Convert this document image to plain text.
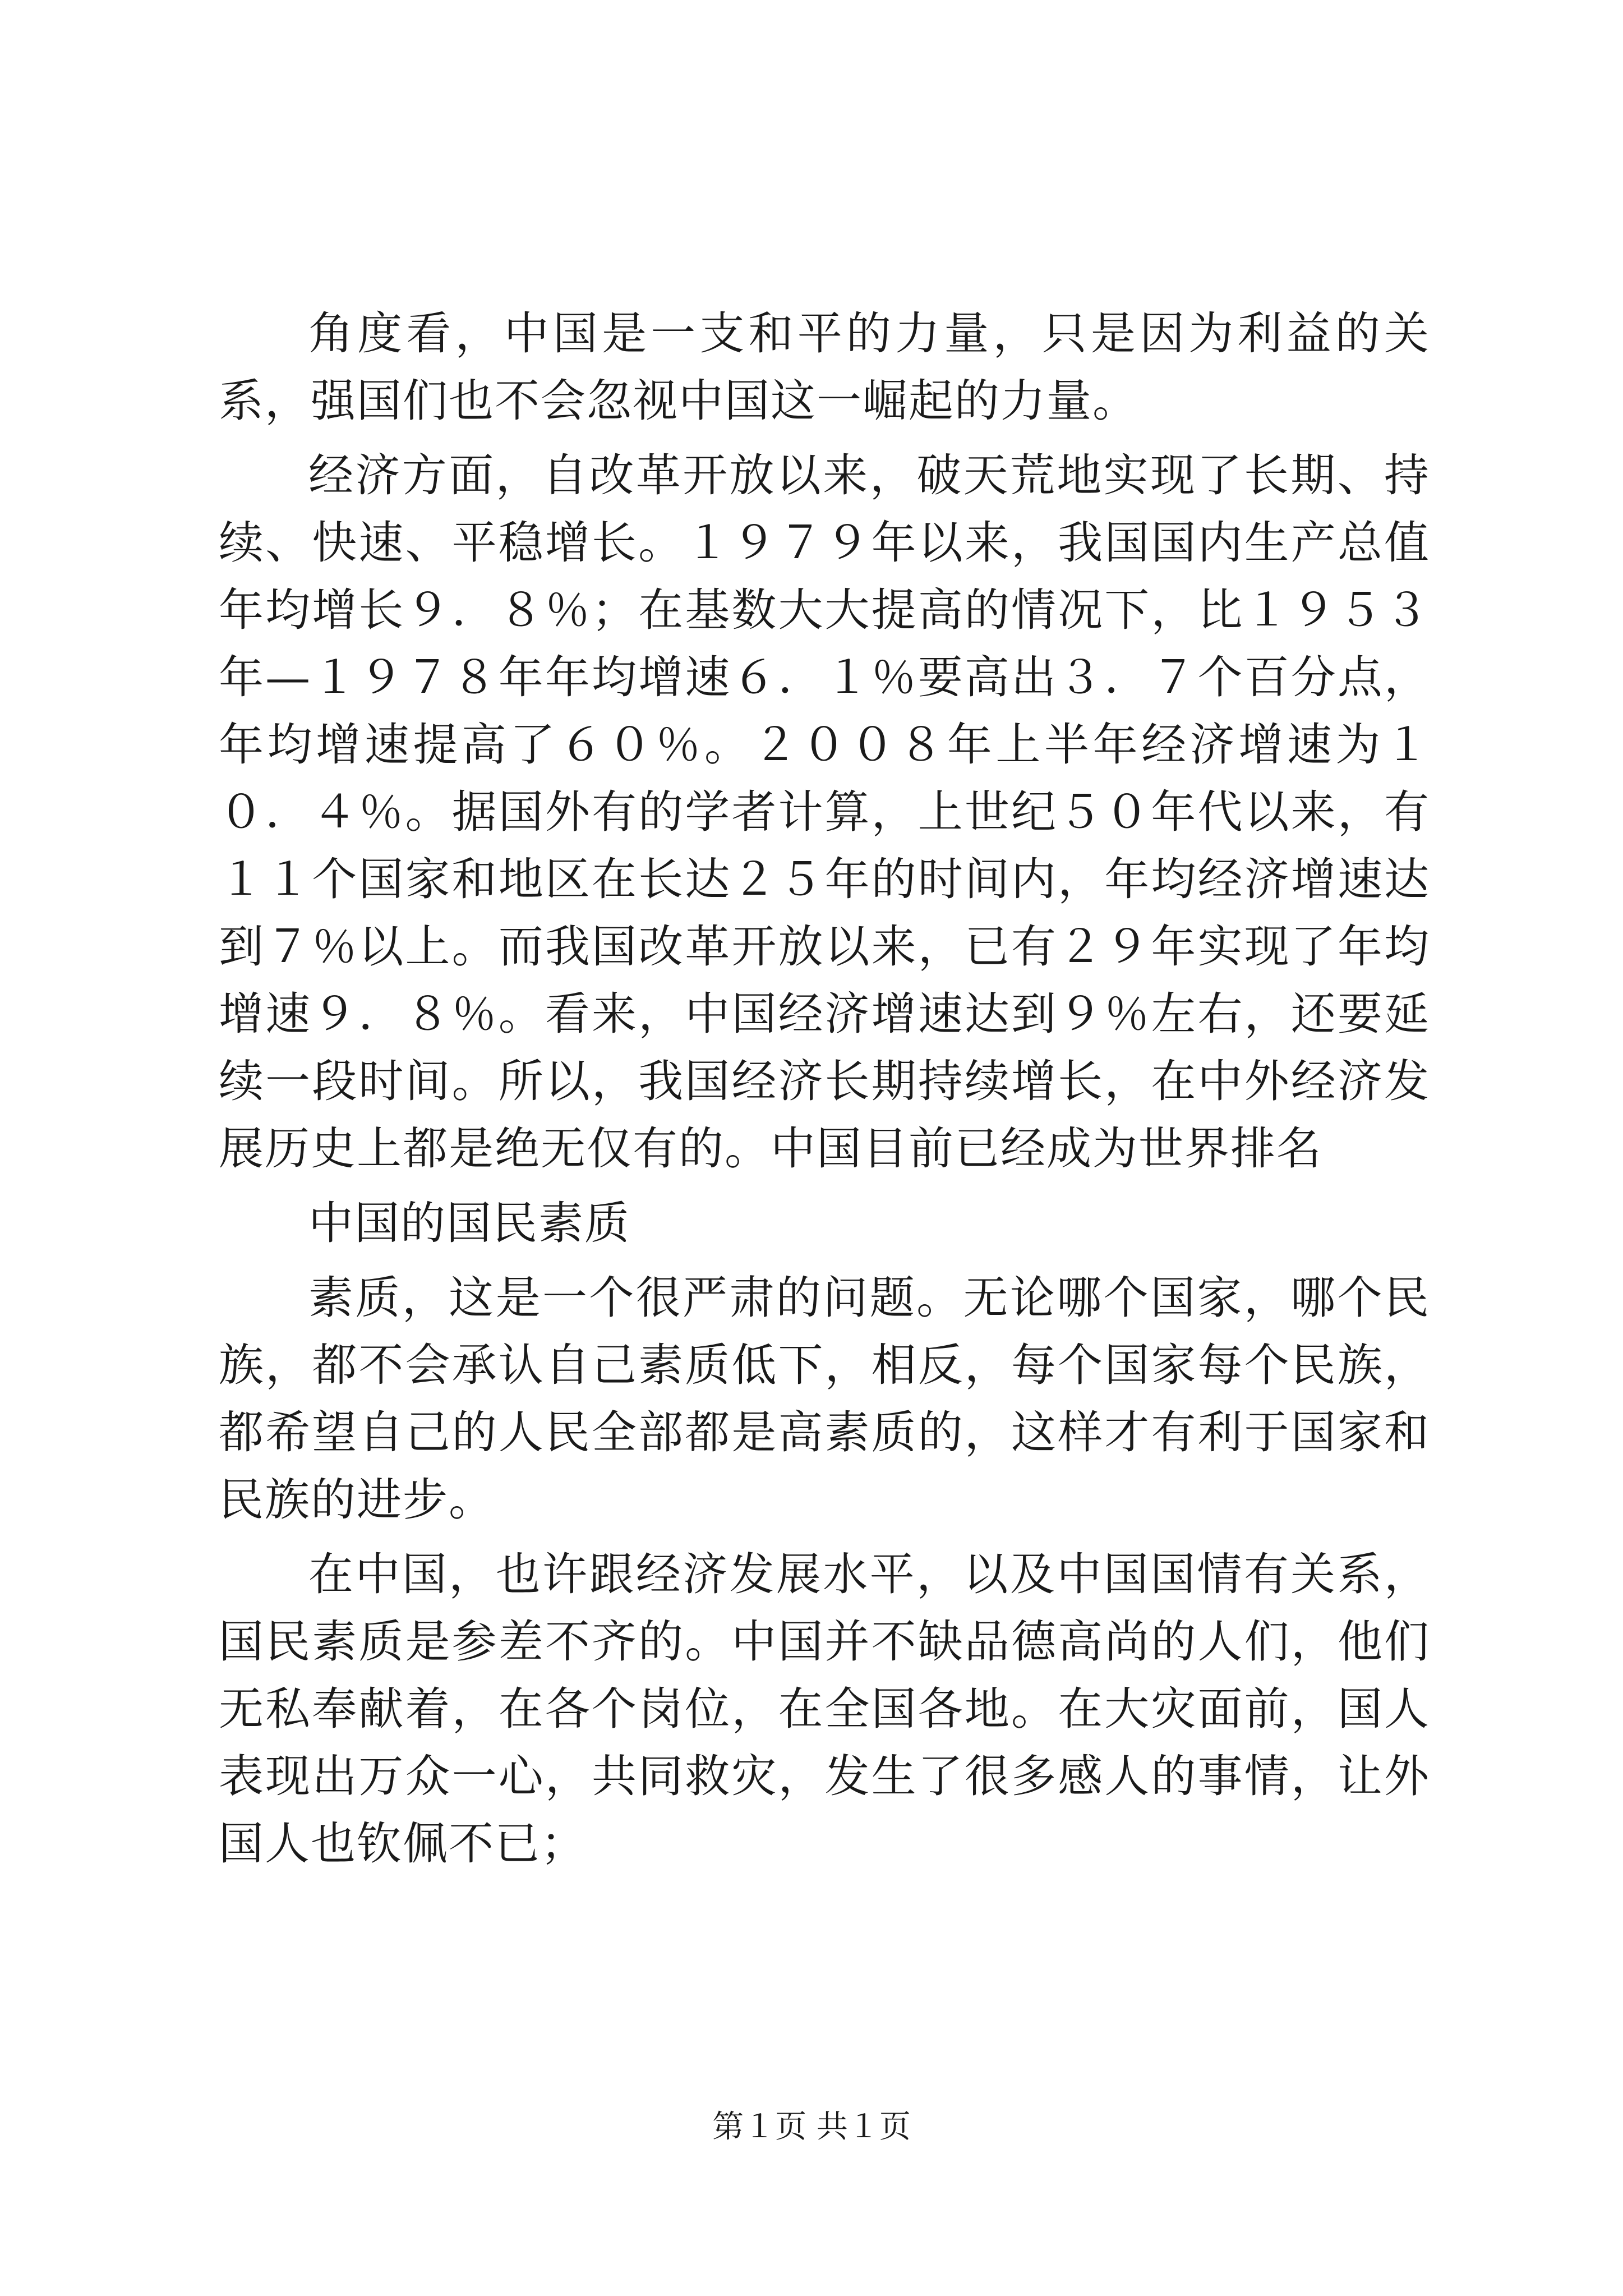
角度看，中国是一支和平的力量，只是因为利益的关系，强国们也不会忽视中国这一崛起的力量。

经济方面，自改革开放以来，破天荒地实现了长期、持续、快速、平稳增长。１９７９年以来，我国国内生产总值年均增长９．８％；在基数大大提高的情况下，比１９５３年—１９７８年年均增速６．１％要高出３．７个百分点，年均增速提高了６０％。２００８年上半年经济增速为１０．４％。据国外有的学者计算，上世纪５０年代以来，有１１个国家和地区在长达２５年的时间内，年均经济增速达到７％以上。而我国改革开放以来，已有２９年实现了年均增速９．８％。看来，中国经济增速达到９％左右，还要延续一段时间。所以，我国经济长期持续增长，在中外经济发展历史上都是绝无仅有的。中国目前已经成为世界排名

中国的国民素质

素质，这是一个很严肃的问题。无论哪个国家，哪个民族，都不会承认自己素质低下，相反，每个国家每个民族，都希望自己的人民全部都是高素质的，这样才有利于国家和民族的进步。

在中国，也许跟经济发展水平，以及中国国情有关系，国民素质是参差不齐的。中国并不缺品德高尚的人们，他们无私奉献着，在各个岗位，在全国各地。在大灾面前，国人表现出万众一心，共同救灾，发生了很多感人的事情，让外国人也钦佩不已；

第１页 共１页
